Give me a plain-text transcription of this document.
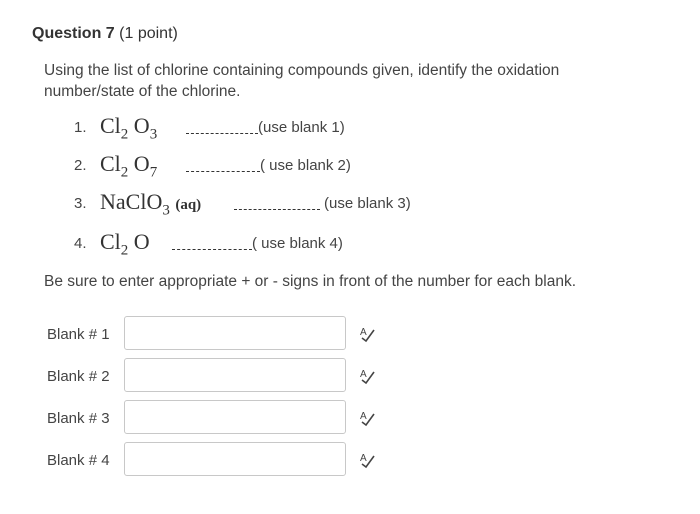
Question 7 (1 point)
Using the list of chlorine containing compounds given, identify the oxidation number/state of the chlorine.
1. $Cl_2$ $O_3$	(use blank 1)
2. $Cl_2$ $O_7$	( use blank 2)
3. NaClO$_3$ (aq)	(use blank 3)
4. $Cl_2$ O	( use blank 4)
Be sure to enter appropriate + or - signs in front of the number for each blank.
Blank # 1	A
Blank # 2	A
Blank # 3	A
Blank # 4	A
